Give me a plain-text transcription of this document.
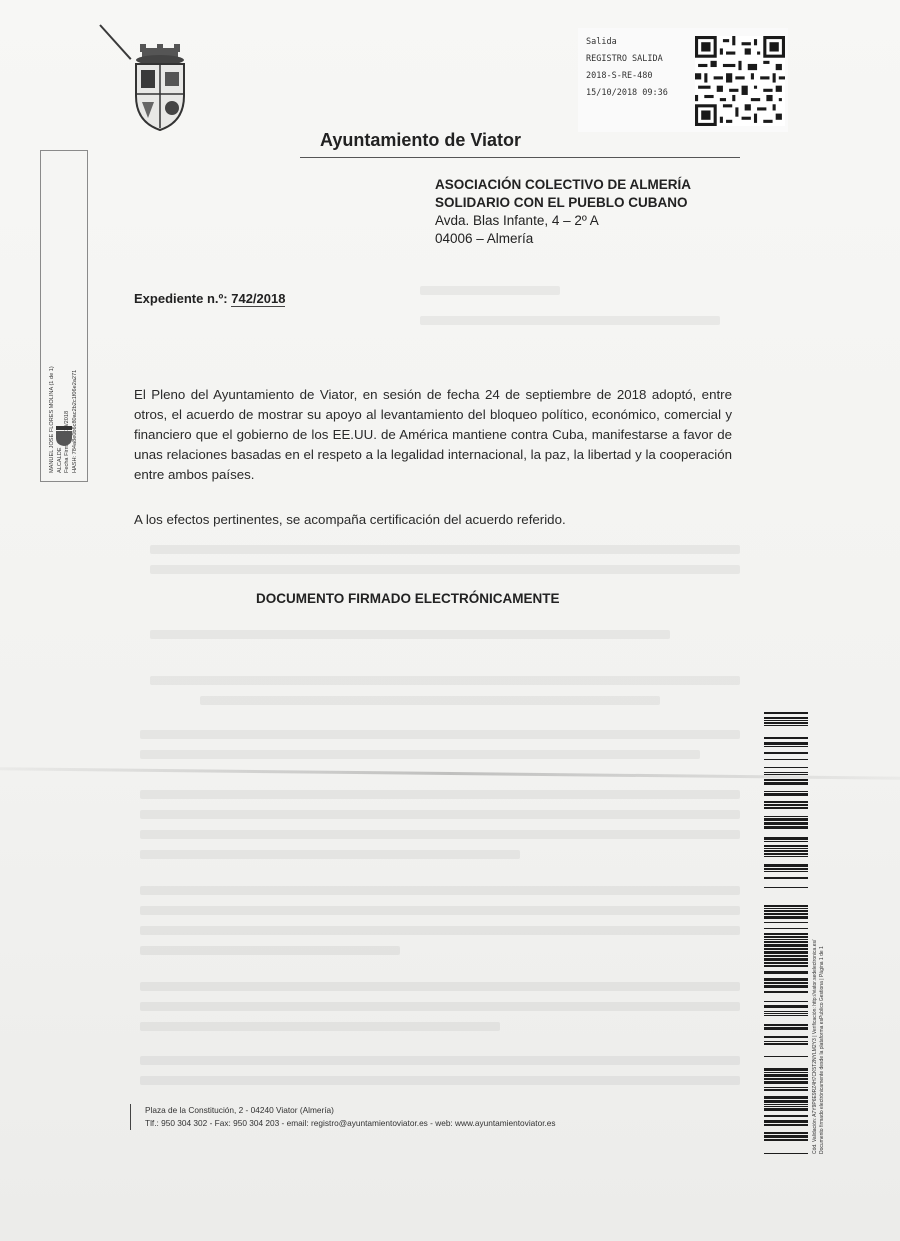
Ayuntamiento de Viator
Salida
REGISTRO SALIDA
2018-S-RE-480
15/10/2018 09:36
MANUEL JOSE FLORES MOLINA (1 de 1) ALCALDE HASH: 784a8e0b6c80ac2b2c1f06e2a271
ASOCIACIÓN COLECTIVO DE ALMERÍA
SOLIDARIO CON EL PUEBLO CUBANO
Avda. Blas Infante, 4 – 2º A
04006 – Almería
Expediente n.º: 742/2018
El Pleno del Ayuntamiento de Viator, en sesión de fecha 24 de septiembre de 2018 adoptó, entre otros, el acuerdo de mostrar su apoyo al levantamiento del bloqueo político, económico, comercial y financiero que el gobierno de los EE.UU. de América mantiene contra Cuba, manifestarse a favor de unas relaciones basadas en el respeto a la legalidad internacional, la paz, la libertad y la cooperación entre ambos países.
A los efectos pertinentes, se acompaña certificación del acuerdo referido.
DOCUMENTO FIRMADO ELECTRÓNICAMENTE
Plaza de la Constitución, 2 - 04240 Viator (Almería)
Tlf.: 950 304 302 - Fax: 950 304 203 - email: registro@ayuntamientoviator.es - web: www.ayuntamientoviator.es	Cód. Validación: A7Y9P6E9RZ4H7CK5T2NYLM2Y3 | Verificación: http://viator.sedelectronica.es/ Documento firmado electrónicamente desde la plataforma esPublico Gestiona | Página 1 de 1
